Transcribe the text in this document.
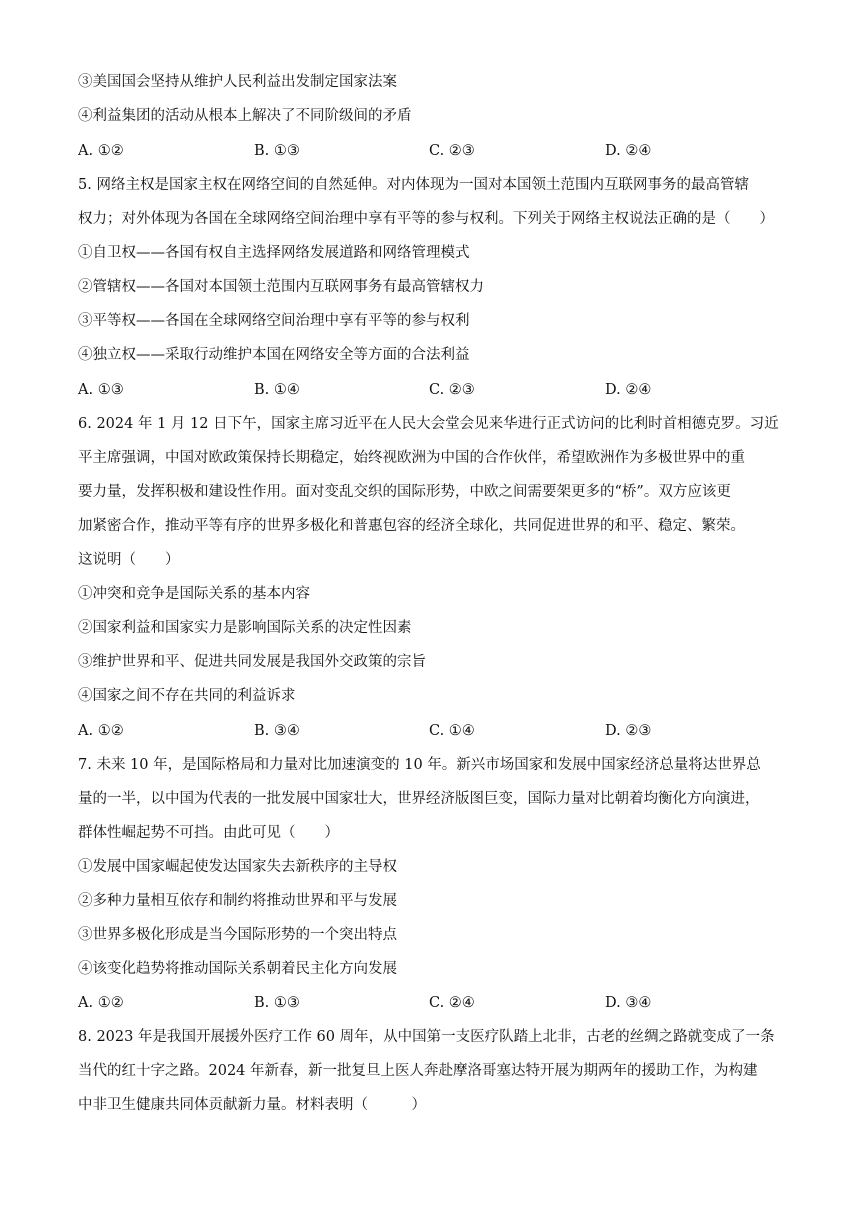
③美国国会坚持从维护人民利益出发制定国家法案
④利益集团的活动从根本上解决了不同阶级间的矛盾
A. ①②	B. ①③	C. ②③	D. ②④
5. 网络主权是国家主权在网络空间的自然延伸。对内体现为一国对本国领土范围内互联网事务的最高管辖
权力；对外体现为各国在全球网络空间治理中享有平等的参与权利。下列关于网络主权说法正确的是（　　）
①自卫权——各国有权自主选择网络发展道路和网络管理模式
②管辖权——各国对本国领土范围内互联网事务有最高管辖权力
③平等权——各国在全球网络空间治理中享有平等的参与权利
④独立权——采取行动维护本国在网络安全等方面的合法利益
A. ①③	B. ①④	C. ②③	D. ②④
6. 2024 年 1 月 12 日下午，国家主席习近平在人民大会堂会见来华进行正式访问的比利时首相德克罗。习近
平主席强调，中国对欧政策保持长期稳定，始终视欧洲为中国的合作伙伴，希望欧洲作为多极世界中的重
要力量，发挥积极和建设性作用。面对变乱交织的国际形势，中欧之间需要架更多的“桥”。双方应该更
加紧密合作，推动平等有序的世界多极化和普惠包容的经济全球化，共同促进世界的和平、稳定、繁荣。
这说明（　　）
①冲突和竞争是国际关系的基本内容
②国家利益和国家实力是影响国际关系的决定性因素
③维护世界和平、促进共同发展是我国外交政策的宗旨
④国家之间不存在共同的利益诉求
A. ①②	B. ③④	C. ①④	D. ②③
7. 未来 10 年，是国际格局和力量对比加速演变的 10 年。新兴市场国家和发展中国家经济总量将达世界总
量的一半，以中国为代表的一批发展中国家壮大，世界经济版图巨变，国际力量对比朝着均衡化方向演进，
群体性崛起势不可挡。由此可见（　　）
①发展中国家崛起使发达国家失去新秩序的主导权
②多种力量相互依存和制约将推动世界和平与发展
③世界多极化形成是当今国际形势的一个突出特点
④该变化趋势将推动国际关系朝着民主化方向发展
A. ①②	B. ①③	C. ②④	D. ③④
8. 2023 年是我国开展援外医疗工作 60 周年，从中国第一支医疗队踏上北非，古老的丝绸之路就变成了一条
当代的红十字之路。2024 年新春，新一批复旦上医人奔赴摩洛哥塞达特开展为期两年的援助工作，为构建
中非卫生健康共同体贡献新力量。材料表明（　　　）
